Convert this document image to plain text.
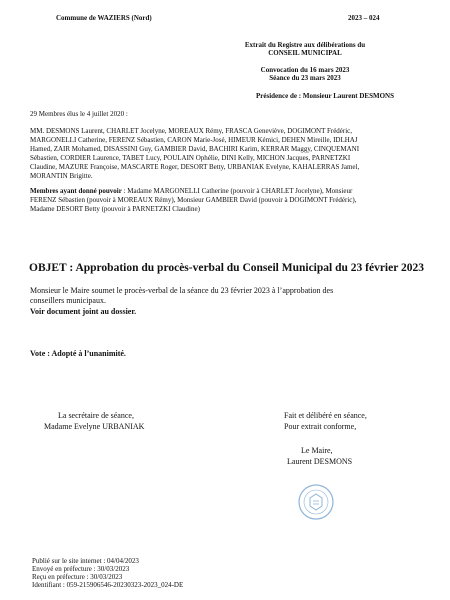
Commune de WAZIERS (Nord)	2023 – 024
Extrait du Registre aux délibérations du
CONSEIL MUNICIPAL
Convocation du 16 mars 2023
Séance du 23 mars 2023
Présidence de : Monsieur Laurent DESMONS
29 Membres élus le 4 juillet 2020 :
MM. DESMONS Laurent, CHARLET Jocelyne, MOREAUX Rémy, FRASCA Geneviève, DOGIMONT Frédéric,
MARGONELLI Catherine, FERENZ Sébastien, CARON Marie-José, HIMEUR Kémici, DEHEN Mireille, IDLHAJ
Hamed, ZAIR Mohamed, DISASSINI Guy, GAMBIER David, BACHIRI Karim, KERRAR Maggy, CINQUEMANI
Sébastien, CORDIER Laurence, TABET Lucy, POULAIN Ophélie, DINI Kelly, MICHON Jacques, PARNETZKI
Claudine, MAZURE Françoise, MASCARTE Roger, DESORT Betty, URBANIAK Evelyne, KAHALERRAS Jamel,
MORANTIN Brigitte.
Membres ayant donné pouvoir : Madame MARGONELLI Catherine (pouvoir à CHARLET Jocelyne), Monsieur
FERENZ Sébastien (pouvoir à MOREAUX Rémy), Monsieur GAMBIER David (pouvoir à DOGIMONT Frédéric),
Madame DESORT Betty (pouvoir à PARNETZKI Claudine)
OBJET : Approbation du procès-verbal du Conseil Municipal du 23 février 2023
Monsieur le Maire soumet le procès-verbal de la séance du 23 février 2023 à l’approbation des
conseillers municipaux.
Voir document joint au dossier.
Vote : Adopté à l’unanimité.
La secrétaire de séance,
Madame Evelyne URBANIAK
Fait et délibéré en séance,
Pour extrait conforme,
Le Maire,
Laurent DESMONS
Publié sur le site internet : 04/04/2023
Envoyé en préfecture : 30/03/2023
Reçu en préfecture : 30/03/2023
Identifiant : 059-215906546-20230323-2023_024-DE
